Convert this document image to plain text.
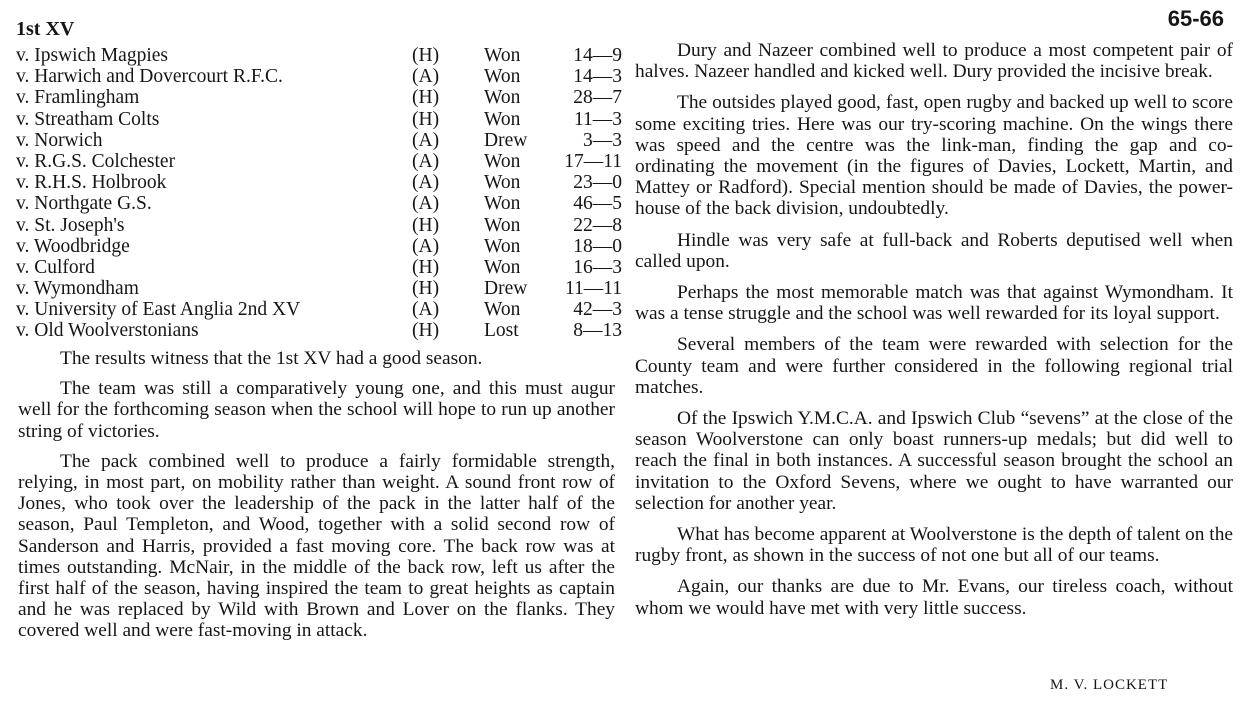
65-66
1st XV
v. Ipswich Magpies	(H) Won	14—9
v. Harwich and Dovercourt R.F.C.	(A) Won	14—3
v. Framlingham	(H) Won	28—7
v. Streatham Colts	(H) Won	11—3
v. Norwich	(A) Drew	3—3
v. R.G.S. Colchester	(A) Won	17—11
v. R.H.S. Holbrook	(A) Won	23—0
v. Northgate G.S.	(A) Won	46—5
v. St. Joseph's	(H) Won	22—8
v. Woodbridge	(A) Won	18—0
v. Culford	(H) Won	16—3
v. Wymondham	(H) Drew	11—11
v. University of East Anglia 2nd XV	(A) Won	42—3
v. Old Woolverstonians	(H) Lost	8—13

The results witness that the 1st XV had a good season.

The team was still a comparatively young one, and this must augur well for the forthcoming season when the school will hope to run up another string of victories.

The pack combined well to produce a fairly formidable strength, relying, in most part, on mobility rather than weight. A sound front row of Jones, who took over the leadership of the pack in the latter half of the season, Paul Templeton, and Wood, together with a solid second row of Sanderson and Harris, provided a fast moving core. The back row was at times outstanding. McNair, in the middle of the back row, left us after the first half of the season, having inspired the team to great heights as captain and he was replaced by Wild with Brown and Lover on the flanks. They covered well and were fast-moving in attack.

Dury and Nazeer combined well to produce a most competent pair of halves. Nazeer handled and kicked well. Dury provided the incisive break.

The outsides played good, fast, open rugby and backed up well to score some exciting tries. Here was our try-scoring machine. On the wings there was speed and the centre was the link-man, finding the gap and co-ordinating the movement (in the figures of Davies, Lockett, Martin, and Mattey or Radford). Special mention should be made of Davies, the power-house of the back division, undoubtedly.

Hindle was very safe at full-back and Roberts deputised well when called upon.

Perhaps the most memorable match was that against Wymondham. It was a tense struggle and the school was well rewarded for its loyal support.

Several members of the team were rewarded with selection for the County team and were further considered in the following regional trial matches.

Of the Ipswich Y.M.C.A. and Ipswich Club “sevens” at the close of the season Woolverstone can only boast runners-up medals; but did well to reach the final in both instances. A successful season brought the school an invitation to the Oxford Sevens, where we ought to have warranted our selection for another year.

What has become apparent at Woolverstone is the depth of talent on the rugby front, as shown in the success of not one but all of our teams.

Again, our thanks are due to Mr. Evans, our tireless coach, without whom we would have met with very little success.

M. V. LOCKETT
